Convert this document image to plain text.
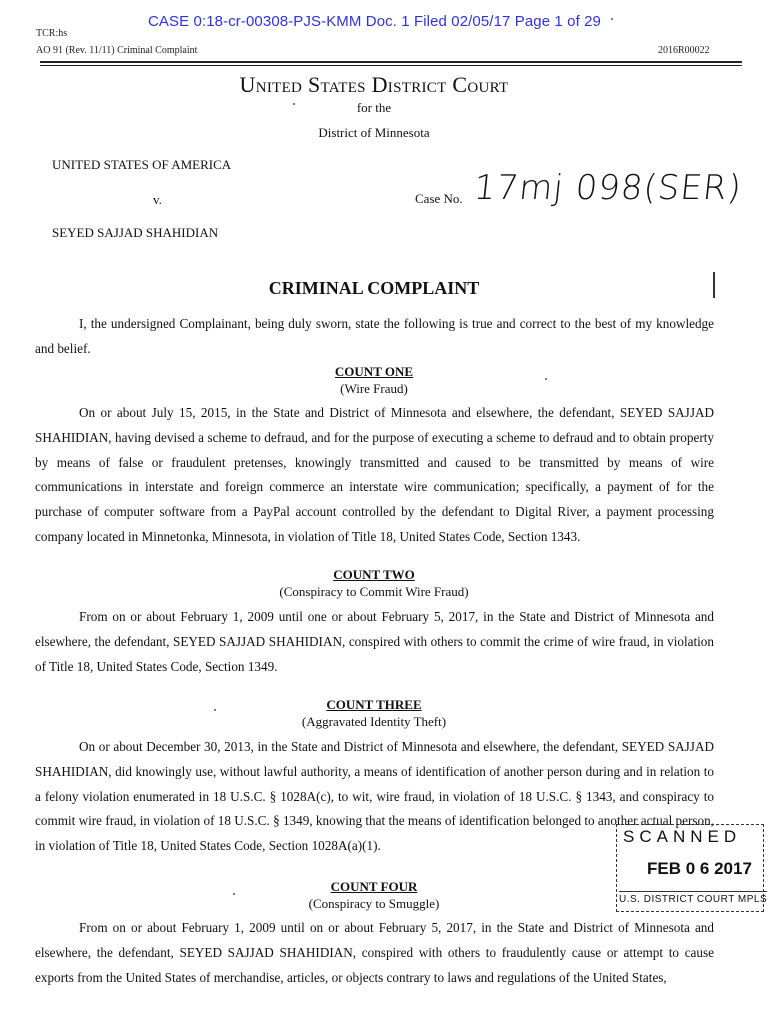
CASE 0:18-cr-00308-PJS-KMM Doc. 1 Filed 02/05/17 Page 1 of 29
TCR:hs
AO 91 (Rev. 11/11) Criminal Complaint	2016R00022
United States District Court
for the
District of Minnesota
UNITED STATES OF AMERICA
v.
SEYED SAJJAD SHAHIDIAN
Case No. 17mj 098(SER)
CRIMINAL COMPLAINT

I, the undersigned Complainant, being duly sworn, state the following is true and correct to the best of my knowledge and belief.

COUNT ONE
(Wire Fraud)

On or about July 15, 2015, in the State and District of Minnesota and elsewhere, the defendant, SEYED SAJJAD SHAHIDIAN, having devised a scheme to defraud, and for the purpose of executing a scheme to defraud and to obtain property by means of false or fraudulent pretenses, knowingly transmitted and caused to be transmitted by means of wire communications in interstate and foreign commerce an interstate wire communication; specifically, a payment of for the purchase of computer software from a PayPal account controlled by the defendant to Digital River, a payment processing company located in Minnetonka, Minnesota, in violation of Title 18, United States Code, Section 1343.

COUNT TWO
(Conspiracy to Commit Wire Fraud)

From on or about February 1, 2009 until one or about February 5, 2017, in the State and District of Minnesota and elsewhere, the defendant, SEYED SAJJAD SHAHIDIAN, conspired with others to commit the crime of wire fraud, in violation of Title 18, United States Code, Section 1349.

COUNT THREE
(Aggravated Identity Theft)

On or about December 30, 2013, in the State and District of Minnesota and elsewhere, the defendant, SEYED SAJJAD SHAHIDIAN, did knowingly use, without lawful authority, a means of identification of another person during and in relation to a felony violation enumerated in 18 U.S.C. § 1028A(c), to wit, wire fraud, in violation of 18 U.S.C. § 1343, and conspiracy to commit wire fraud, in violation of 18 U.S.C. § 1349, knowing that the means of identification belonged to another actual person, in violation of Title 18, United States Code, Section 1028A(a)(1).	SCANNED
FEB 0 6 2017
U.S. DISTRICT COURT MPLS
COUNT FOUR
(Conspiracy to Smuggle)

From on or about February 1, 2009 until on or about February 5, 2017, in the State and District of Minnesota and elsewhere, the defendant, SEYED SAJJAD SHAHIDIAN, conspired with others to fraudulently cause or attempt to cause exports from the United States of merchandise, articles, or objects contrary to laws and regulations of the United States,
